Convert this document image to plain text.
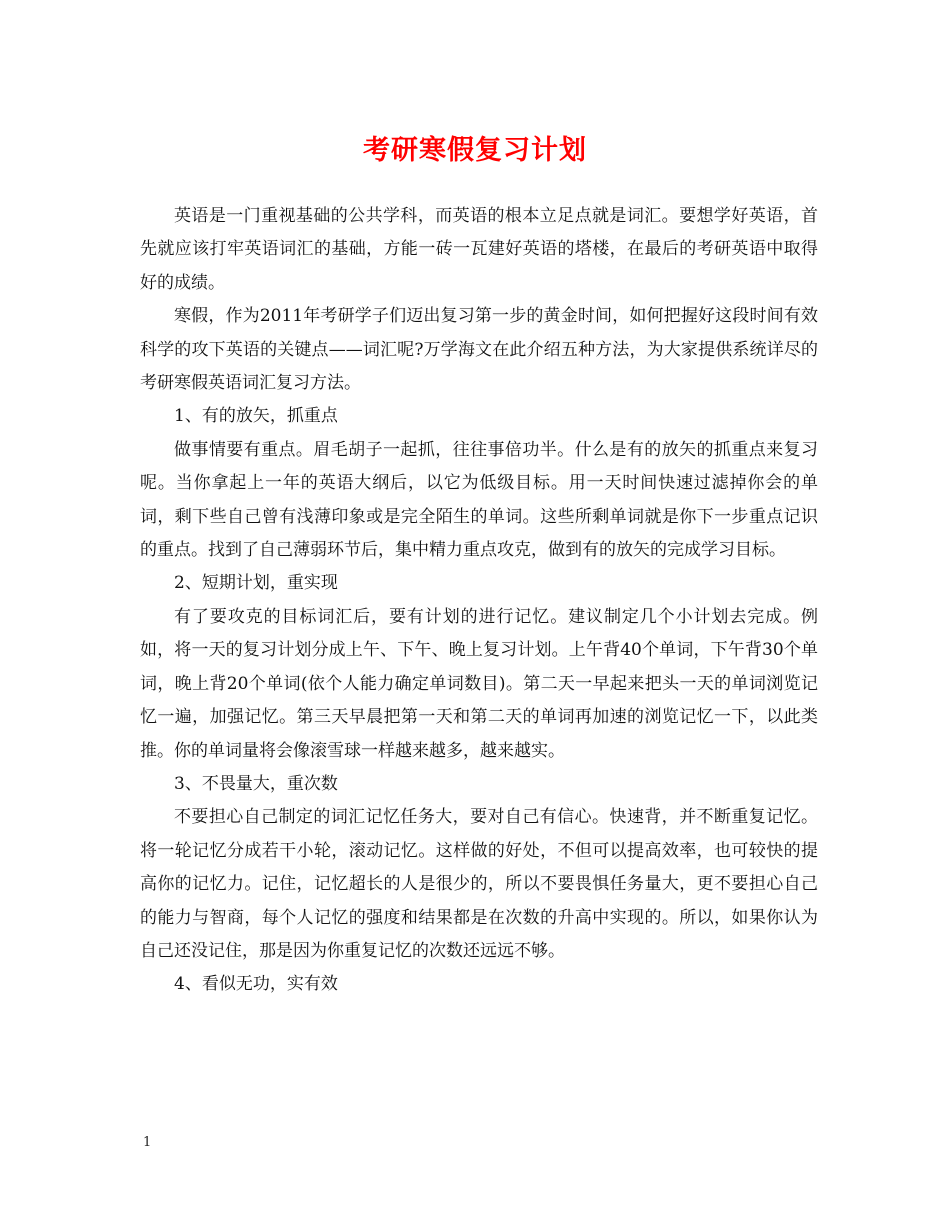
考研寒假复习计划

英语是一门重视基础的公共学科，而英语的根本立足点就是词汇。要想学好英语，首先就应该打牢英语词汇的基础，方能一砖一瓦建好英语的塔楼，在最后的考研英语中取得好的成绩。

寒假，作为2011年考研学子们迈出复习第一步的黄金时间，如何把握好这段时间有效科学的攻下英语的关键点——词汇呢?万学海文在此介绍五种方法，为大家提供系统详尽的考研寒假英语词汇复习方法。

1、有的放矢，抓重点

做事情要有重点。眉毛胡子一起抓，往往事倍功半。什么是有的放矢的抓重点来复习呢。当你拿起上一年的英语大纲后，以它为低级目标。用一天时间快速过滤掉你会的单词，剩下些自己曾有浅薄印象或是完全陌生的单词。这些所剩单词就是你下一步重点记识的重点。找到了自己薄弱环节后，集中精力重点攻克，做到有的放矢的完成学习目标。

2、短期计划，重实现

有了要攻克的目标词汇后，要有计划的进行记忆。建议制定几个小计划去完成。例如，将一天的复习计划分成上午、下午、晚上复习计划。上午背40个单词，下午背30个单词，晚上背20个单词(依个人能力确定单词数目)。第二天一早起来把头一天的单词浏览记忆一遍，加强记忆。第三天早晨把第一天和第二天的单词再加速的浏览记忆一下，以此类推。你的单词量将会像滚雪球一样越来越多，越来越实。

3、不畏量大，重次数

不要担心自己制定的词汇记忆任务大，要对自己有信心。快速背，并不断重复记忆。将一轮记忆分成若干小轮，滚动记忆。这样做的好处，不但可以提高效率，也可较快的提高你的记忆力。记住，记忆超长的人是很少的，所以不要畏惧任务量大，更不要担心自己的能力与智商，每个人记忆的强度和结果都是在次数的升高中实现的。所以，如果你认为自己还没记住，那是因为你重复记忆的次数还远远不够。

4、看似无功，实有效

1
